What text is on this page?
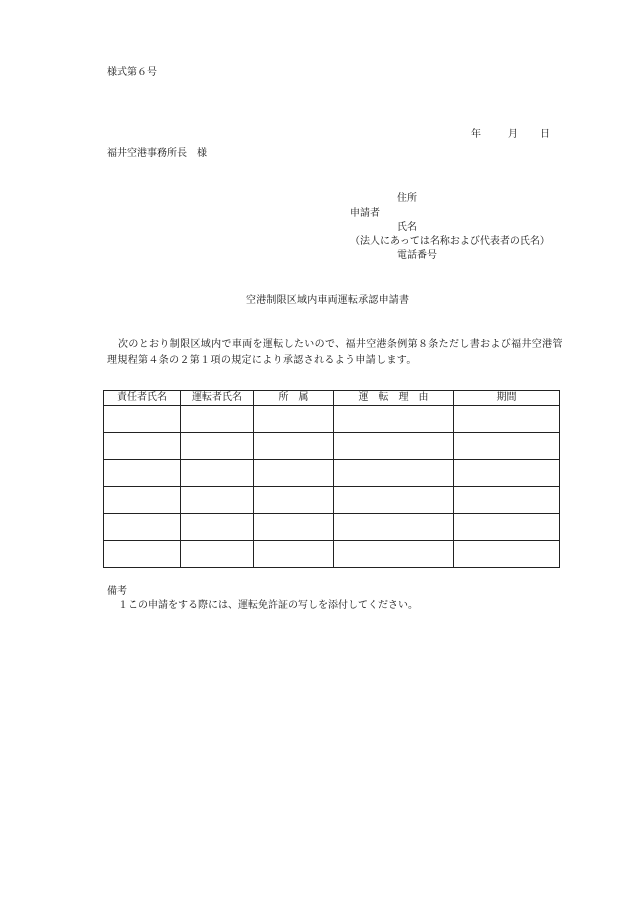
様式第６号
年	月 日
福井空港事務所長　様
住所
申請者
氏名
（法人にあっては名称および代表者の氏名）
電話番号
空港制限区域内車両運転承認申請書
次のとおり制限区域内で車両を運転したいので、福井空港条例第８条ただし書および福井空港管理規程第４条の２第１項の規定により承認されるよう申請します。
責任者氏名	運転者氏名	所　属	運　転　理　由	期間

備考
１この申請をする際には、運転免許証の写しを添付してください。
